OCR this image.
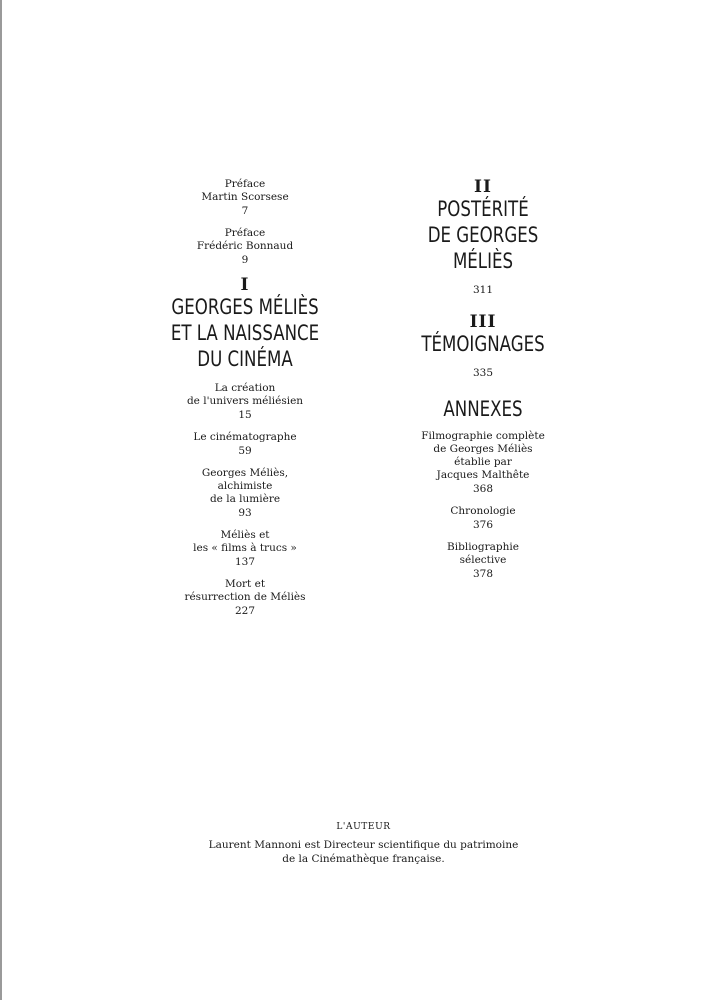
Préface
Martin Scorsese
7
Préface
Frédéric Bonnaud
9
I
GEORGES MÉLIÈS
ET LA NAISSANCE
DU CINÉMA
La création
de l'univers méliésien
15
Le cinématographe
59
Georges Méliès,
alchimiste
de la lumière
93
Méliès et
les « films à trucs »
137
Mort et
résurrection de Méliès
227
II
POSTÉRITÉ
DE GEORGES
MÉLIÈS
311
III
TÉMOIGNAGES
335
ANNEXES
Filmographie complète
de Georges Méliès
établie par
Jacques Malthête
368
Chronologie
376
Bibliographie
sélective
378
L'AUTEUR
Laurent Mannoni est Directeur scientifique du patrimoine
de la Cinémathèque française.
